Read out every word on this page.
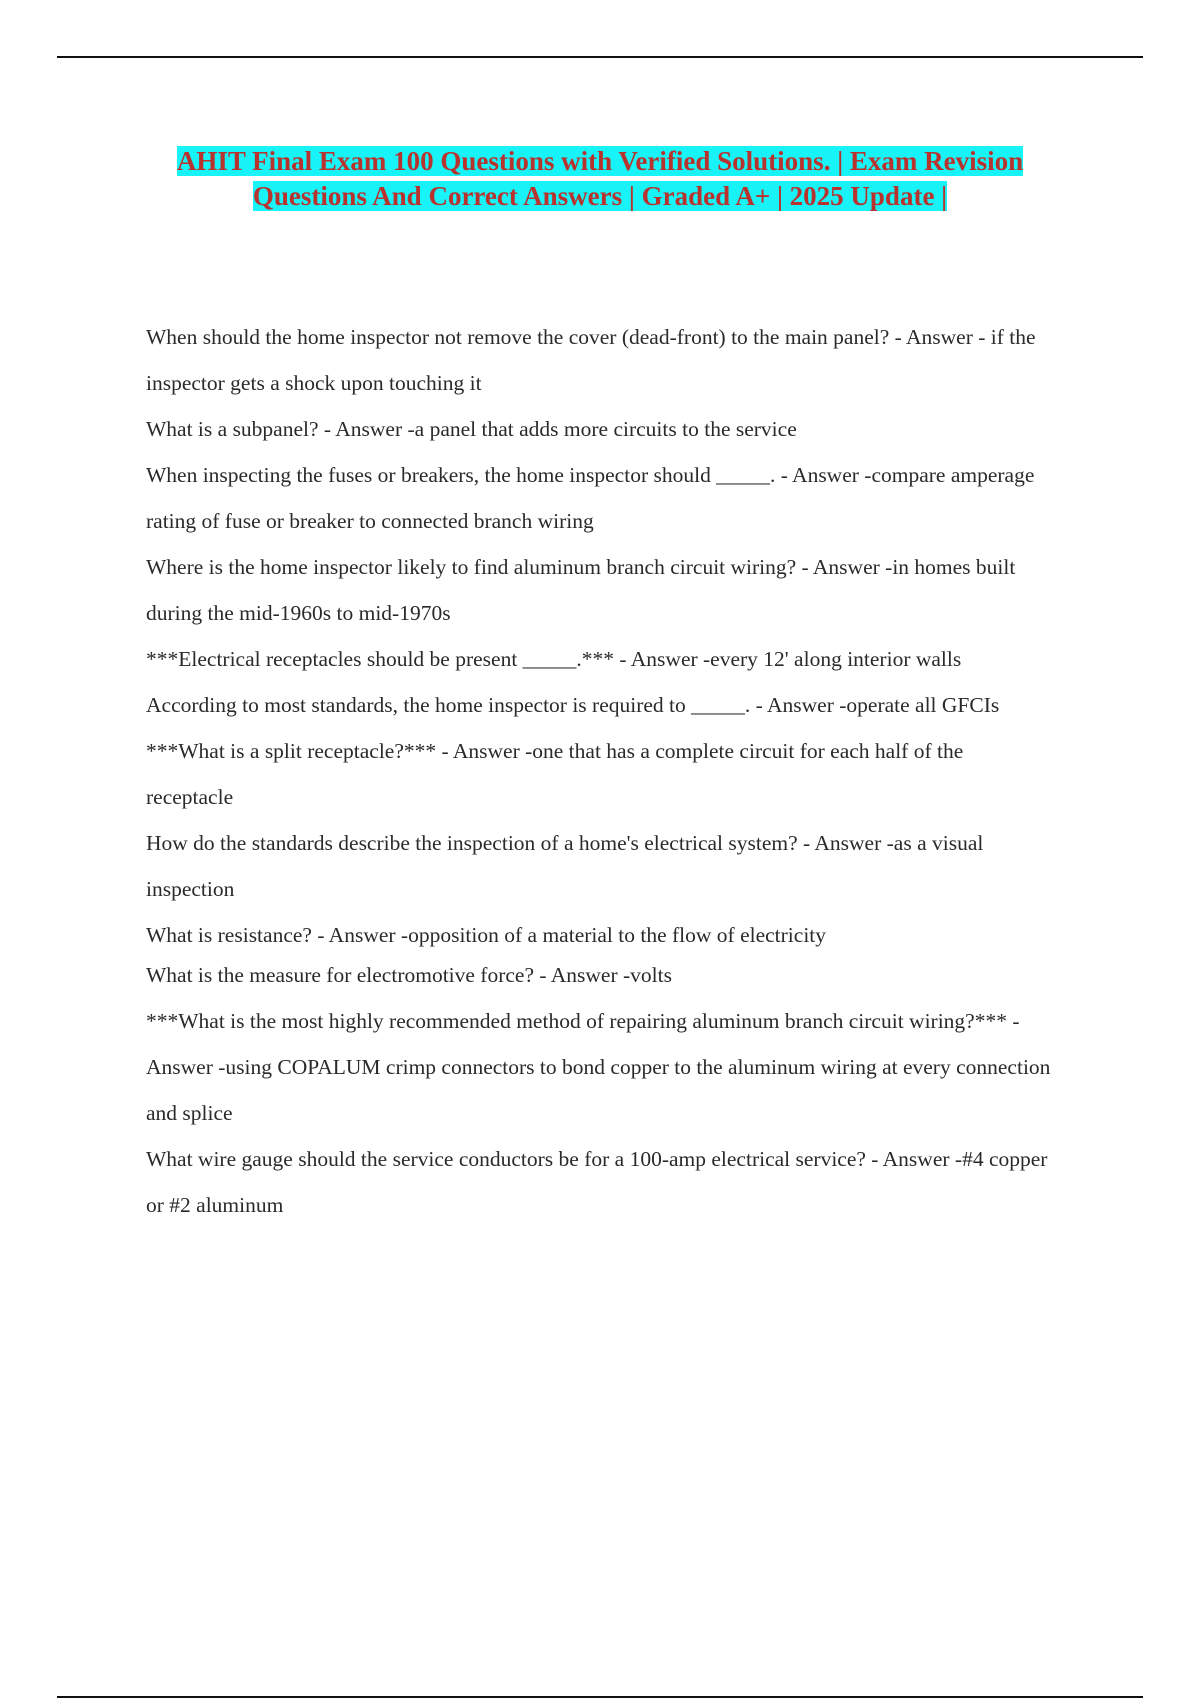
AHIT Final Exam 100 Questions with Verified Solutions. | Exam Revision
Questions And Correct Answers | Graded A+ | 2025 Update |

When should the home inspector not remove the cover (dead-front) to the main panel? - Answer - if the

inspector gets a shock upon touching it

What is a subpanel? - Answer -a panel that adds more circuits to the service

When inspecting the fuses or breakers, the home inspector should _____. - Answer -compare amperage

rating of fuse or breaker to connected branch wiring

Where is the home inspector likely to find aluminum branch circuit wiring? - Answer -in homes built

during the mid-1960s to mid-1970s

***Electrical receptacles should be present _____.*** - Answer -every 12' along interior walls

According to most standards, the home inspector is required to _____. - Answer -operate all GFCIs

***What is a split receptacle?*** - Answer -one that has a complete circuit for each half of the

receptacle

How do the standards describe the inspection of a home's electrical system? - Answer -as a visual

inspection

What is resistance? - Answer -opposition of a material to the flow of electricity

What is the measure for electromotive force? - Answer -volts

***What is the most highly recommended method of repairing aluminum branch circuit wiring?*** -

Answer -using COPALUM crimp connectors to bond copper to the aluminum wiring at every connection

and splice

What wire gauge should the service conductors be for a 100-amp electrical service? - Answer -#4 copper

or #2 aluminum
